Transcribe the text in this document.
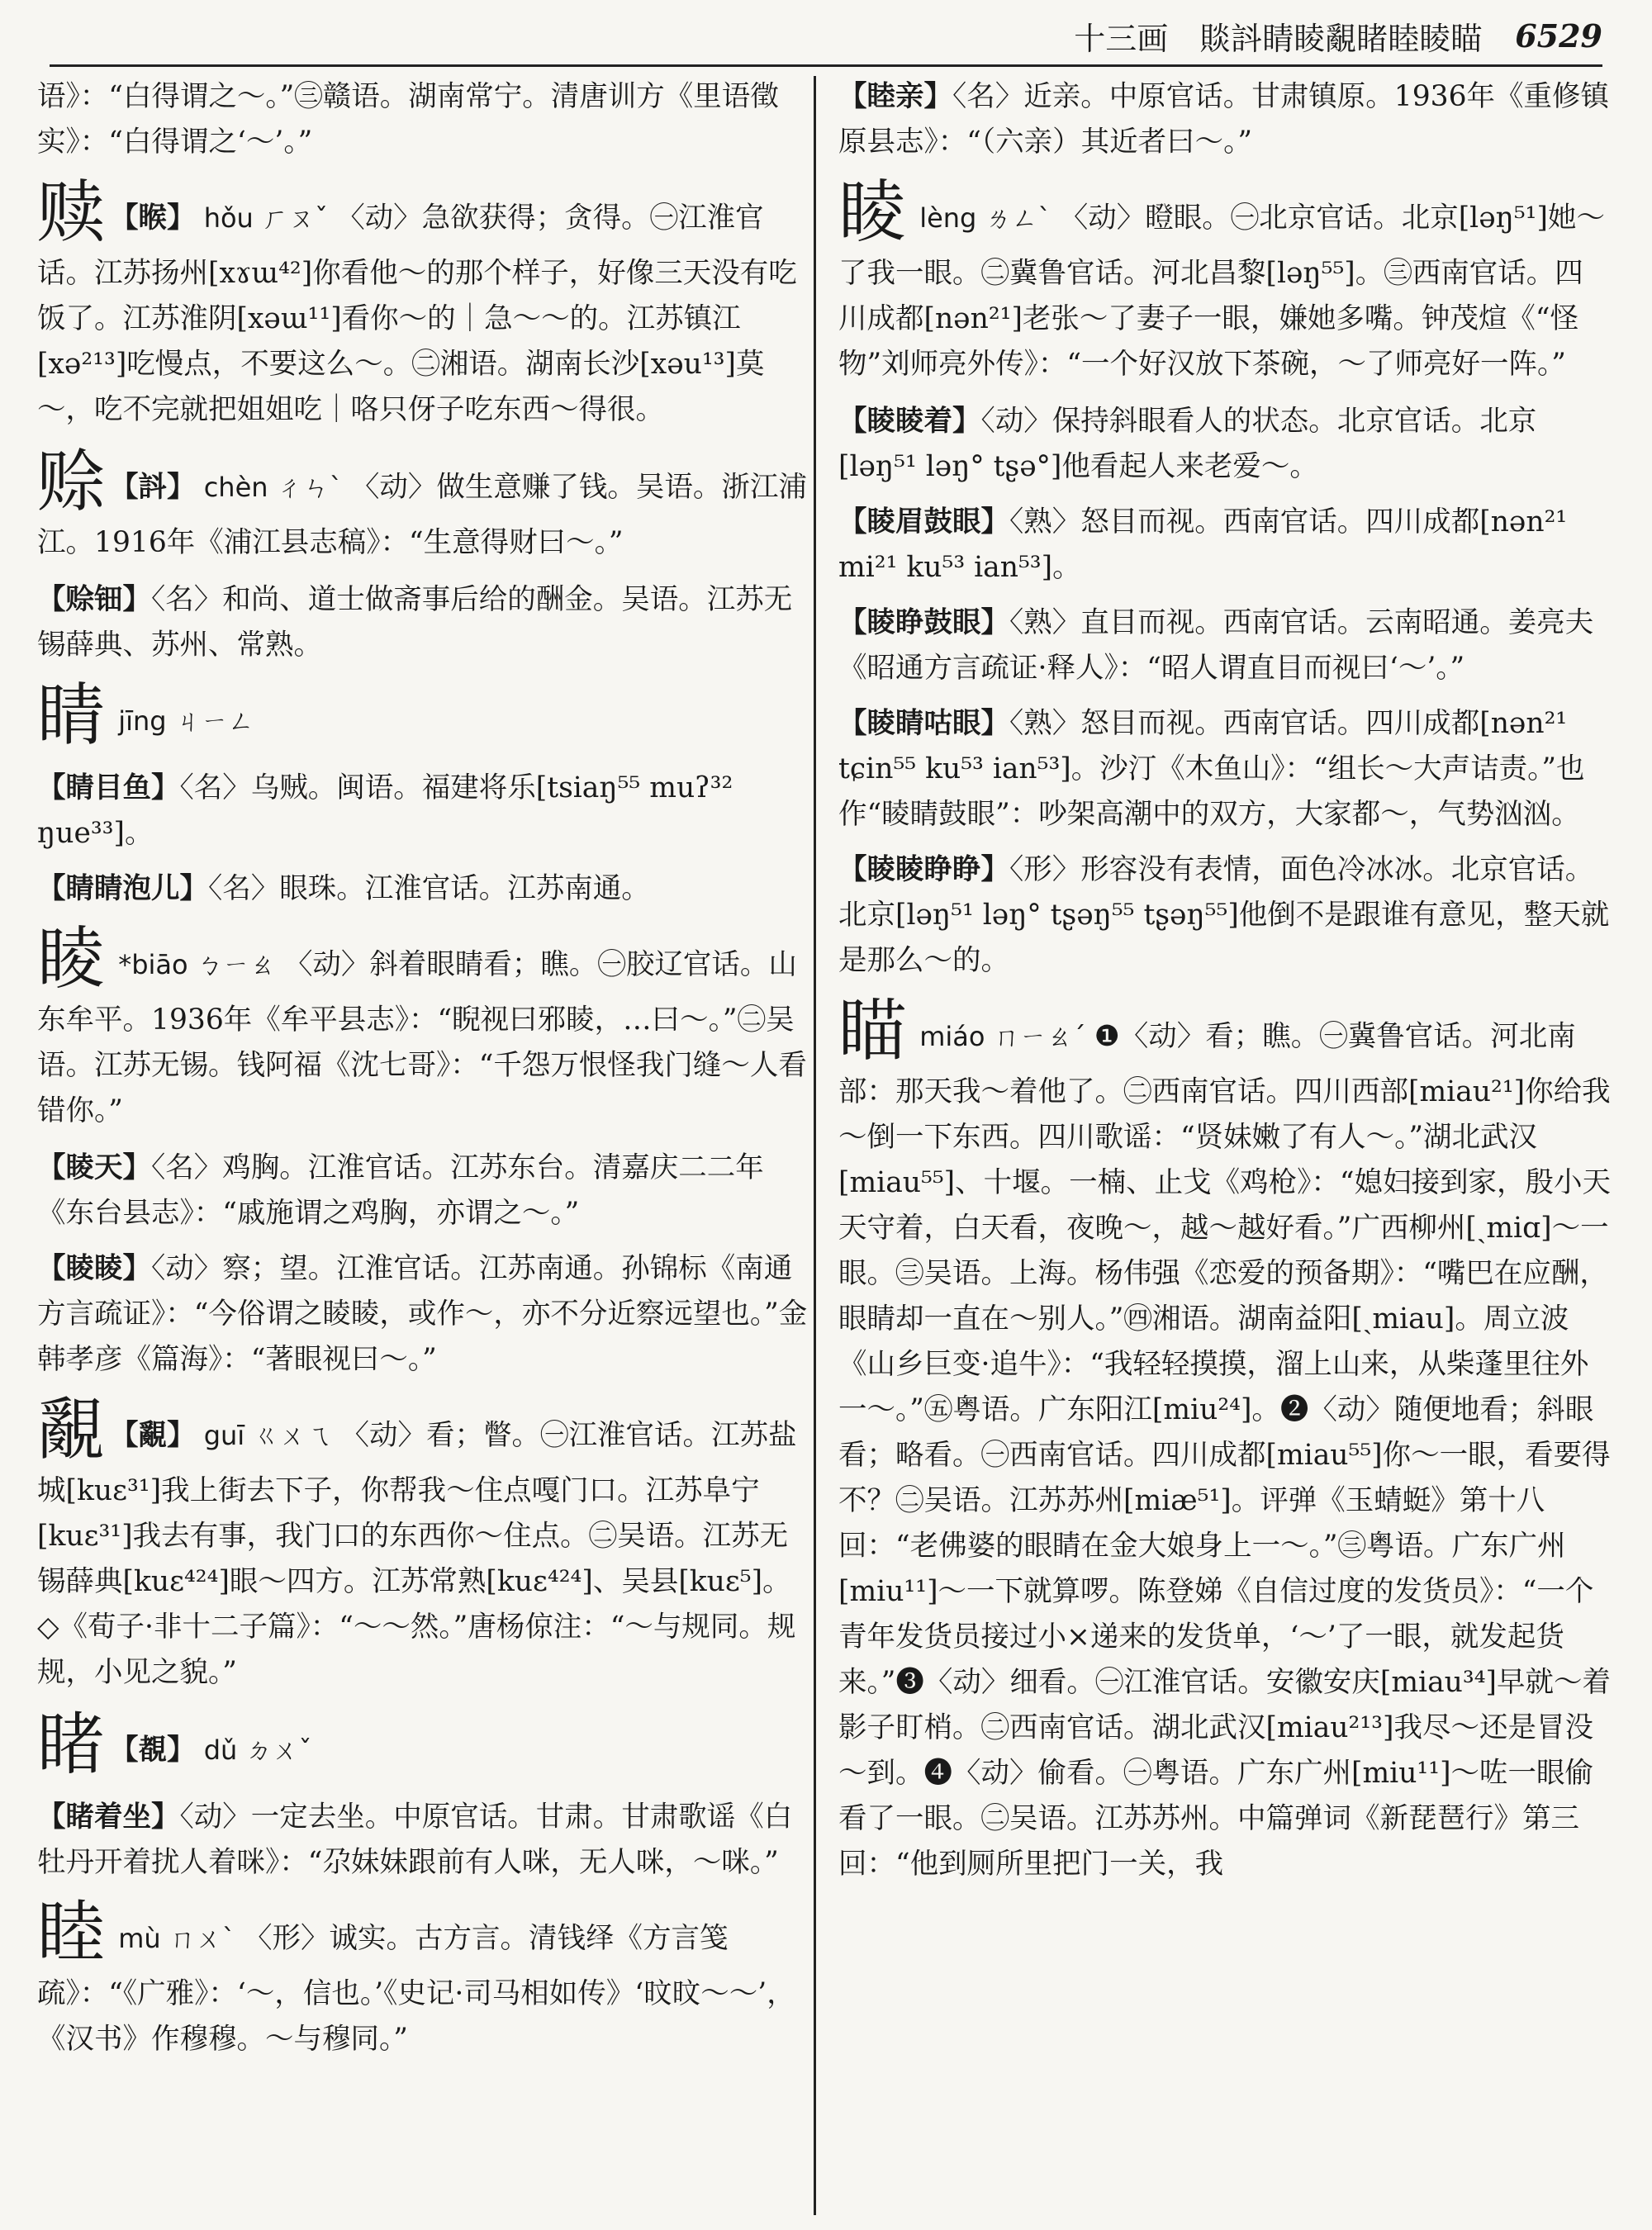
十三画　賧䚵睛睖覶睹睦睖瞄 6529
语》：“白得谓之～。”㊂赣语。湖南常宁。清唐训方《里语徵实》：“白得谓之‘～’。”
赎 【睺】 hǒu ㄏㄡˇ 〈动〉急欲获得；贪得。㊀江淮官话。江苏扬州[xɤɯ⁴²]你看他～的那个样子，好像三天没有吃饭了。江苏淮阴[xəɯ¹¹]看你～的｜急～～的。江苏镇江[xə²¹³]吃慢点，不要这么～。㊁湘语。湖南长沙[xəu¹³]莫～，吃不完就把姐姐吃｜咯只伢子吃东西～得很。
赊 【䚵】 chèn ㄔㄣˋ 〈动〉做生意赚了钱。吴语。浙江浦江。1916年《浦江县志稿》：“生意得财曰～。”
【赊钿】〈名〉和尚、道士做斋事后给的酬金。吴语。江苏无锡薛典、苏州、常熟。
睛 jīng ㄐㄧㄥ
【睛目鱼】〈名〉乌贼。闽语。福建将乐[tsiaŋ⁵⁵ muʔ³² ŋue³³]。
【睛睛泡儿】〈名〉眼珠。江淮官话。江苏南通。
睖 *biāo ㄅㄧㄠ 〈动〉斜着眼睛看；瞧。㊀胶辽官话。山东牟平。1936年《牟平县志》：“睨视曰邪睖，…曰～。”㊁吴语。江苏无锡。钱阿福《沈七哥》：“千怨万恨怪我门缝～人看错你。”
【睖天】〈名〉鸡胸。江淮官话。江苏东台。清嘉庆二二年《东台县志》：“戚施谓之鸡胸，亦谓之～。”
【睖睖】〈动〉察；望。江淮官话。江苏南通。孙锦标《南通方言疏证》：“今俗谓之睖睖，或作～，亦不分近察远望也。”金韩孝彦《篇海》：“著眼视曰～。”
覶 【覶】 guī ㄍㄨㄟ 〈动〉看；瞥。㊀江淮官话。江苏盐城[kuɛ³¹]我上街去下子，你帮我～住点嘎门口。江苏阜宁[kuɛ³¹]我去有事，我门口的东西你～住点。㊁吴语。江苏无锡薛典[kuɛ⁴²⁴]眼～四方。江苏常熟[kuɛ⁴²⁴]、吴县[kuɛ⁵]。◇《荀子·非十二子篇》：“～～然。”唐杨倞注：“～与规同。规规，小见之貌。”
睹 【覩】 dǔ ㄉㄨˇ
【睹着坐】〈动〉一定去坐。中原官话。甘肃。甘肃歌谣《白牡丹开着扰人着咪》：“尕妹妹跟前有人咪，无人咪，～咪。”
睦 mù ㄇㄨˋ 〈形〉诚实。古方言。清钱绎《方言笺疏》：“《广雅》：‘～，信也。’《史记·司马相如传》‘旼旼～～’，《汉书》作穆穆。～与穆同。”
【睦亲】〈名〉近亲。中原官话。甘肃镇原。1936年《重修镇原县志》：“（六亲）其近者曰～。”
睖 lèng ㄌㄥˋ 〈动〉瞪眼。㊀北京官话。北京[ləŋ⁵¹]她～了我一眼。㊁冀鲁官话。河北昌黎[ləŋ⁵⁵]。㊂西南官话。四川成都[nən²¹]老张～了妻子一眼，嫌她多嘴。钟茂煊《“怪物”刘师亮外传》：“一个好汉放下茶碗，～了师亮好一阵。”
【睖睖着】〈动〉保持斜眼看人的状态。北京官话。北京[ləŋ⁵¹ ləŋ° tʂə°]他看起人来老爱～。
【睖眉鼓眼】〈熟〉怒目而视。西南官话。四川成都[nən²¹ mi²¹ ku⁵³ ian⁵³]。
【睖睁鼓眼】〈熟〉直目而视。西南官话。云南昭通。姜亮夫《昭通方言疏证·释人》：“昭人谓直目而视曰‘～’。”
【睖睛咕眼】〈熟〉怒目而视。西南官话。四川成都[nən²¹ tɕin⁵⁵ ku⁵³ ian⁵³]。沙汀《木鱼山》：“组长～大声诘责。”也作“睖睛鼓眼”：吵架高潮中的双方，大家都～，气势汹汹。
【睖睖睁睁】〈形〉形容没有表情，面色冷冰冰。北京官话。北京[ləŋ⁵¹ ləŋ° tʂəŋ⁵⁵ tʂəŋ⁵⁵]他倒不是跟谁有意见，整天就是那么～的。
瞄 miáo ㄇㄧㄠˊ ❶〈动〉看；瞧。㊀冀鲁官话。河北南部：那天我～着他了。㊁西南官话。四川西部[miau²¹]你给我～倒一下东西。四川歌谣：“贤妹嫩了有人～。”湖北武汉[miau⁵⁵]、十堰。一楠、止戈《鸡枪》：“媳妇接到家，殷小天天守着，白天看，夜晚～，越～越好看。”广西柳州[ˏmiɑ]～一眼。㊂吴语。上海。杨伟强《恋爱的预备期》：“嘴巴在应酬，眼睛却一直在～别人。”㊃湘语。湖南益阳[ˏmiau]。周立波《山乡巨变·追牛》：“我轻轻摸摸，溜上山来，从柴蓬里往外一～。”㊄粤语。广东阳江[miu²⁴]。❷〈动〉随便地看；斜眼看；略看。㊀西南官话。四川成都[miau⁵⁵]你～一眼，看要得不？㊁吴语。江苏苏州[miæ⁵¹]。评弹《玉蜻蜓》第十八回：“老佛婆的眼睛在金大娘身上一～。”㊂粤语。广东广州[miu¹¹]～一下就算啰。陈登娣《自信过度的发货员》：“一个青年发货员接过小×递来的发货单，‘～’了一眼，就发起货来。”❸〈动〉细看。㊀江淮官话。安徽安庆[miau³⁴]早就～着影子盯梢。㊁西南官话。湖北武汉[miau²¹³]我尽～还是冒没～到。❹〈动〉偷看。㊀粤语。广东广州[miu¹¹]～咗一眼偷看了一眼。㊁吴语。江苏苏州。中篇弹词《新琵琶行》第三回：“他到厕所里把门一关，我
